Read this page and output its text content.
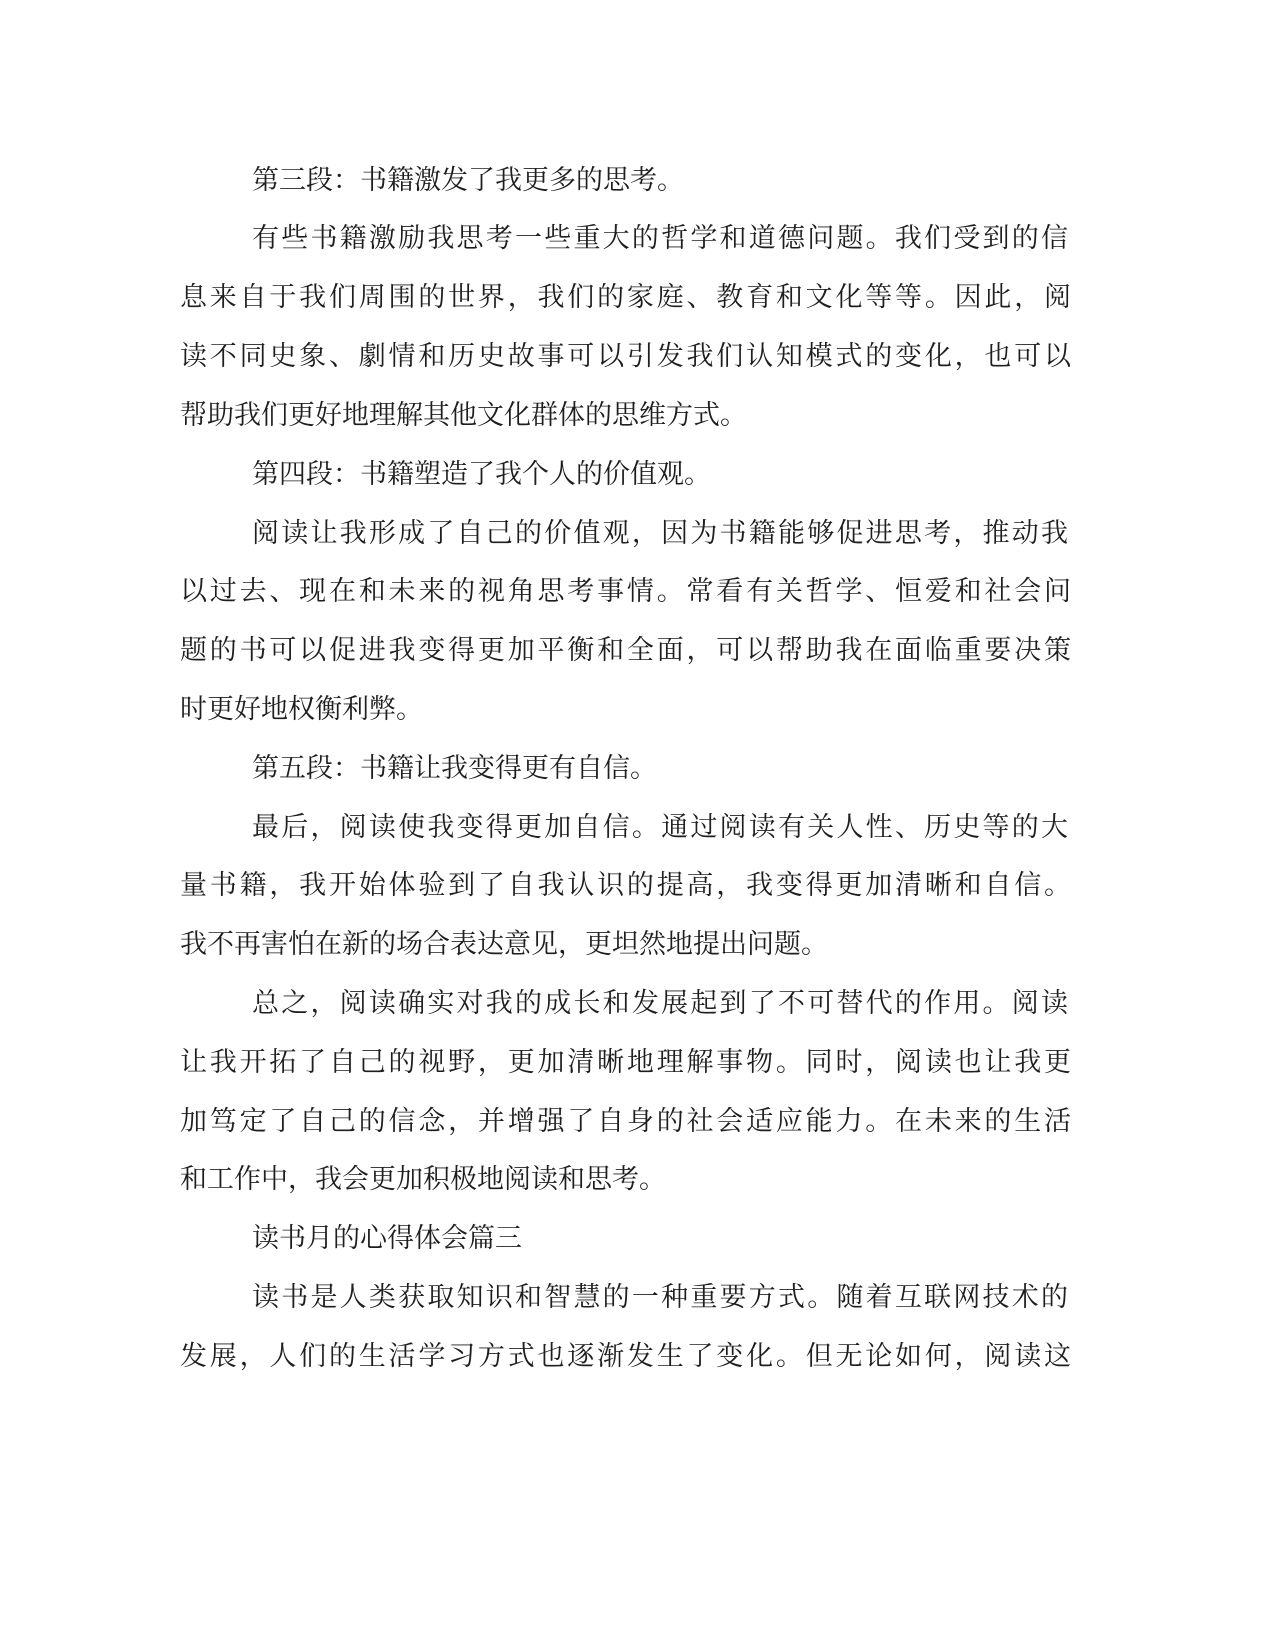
第三段：书籍激发了我更多的思考。

有些书籍激励我思考一些重大的哲学和道德问题。我们受到的信

息来自于我们周围的世界，我们的家庭、教育和文化等等。因此，阅

读不同史象、劇情和历史故事可以引发我们认知模式的变化，也可以

帮助我们更好地理解其他文化群体的思维方式。

第四段：书籍塑造了我个人的价值观。

阅读让我形成了自己的价值观，因为书籍能够促进思考，推动我

以过去、现在和未来的视角思考事情。常看有关哲学、恒爱和社会问

题的书可以促进我变得更加平衡和全面，可以帮助我在面临重要决策

时更好地权衡利弊。

第五段：书籍让我变得更有自信。

最后，阅读使我变得更加自信。通过阅读有关人性、历史等的大

量书籍，我开始体验到了自我认识的提高，我变得更加清晰和自信。

我不再害怕在新的场合表达意见，更坦然地提出问题。

总之，阅读确实对我的成长和发展起到了不可替代的作用。阅读

让我开拓了自己的视野，更加清晰地理解事物。同时，阅读也让我更

加笃定了自己的信念，并增强了自身的社会适应能力。在未来的生活

和工作中，我会更加积极地阅读和思考。

读书月的心得体会篇三

读书是人类获取知识和智慧的一种重要方式。随着互联网技术的

发展，人们的生活学习方式也逐渐发生了变化。但无论如何，阅读这
